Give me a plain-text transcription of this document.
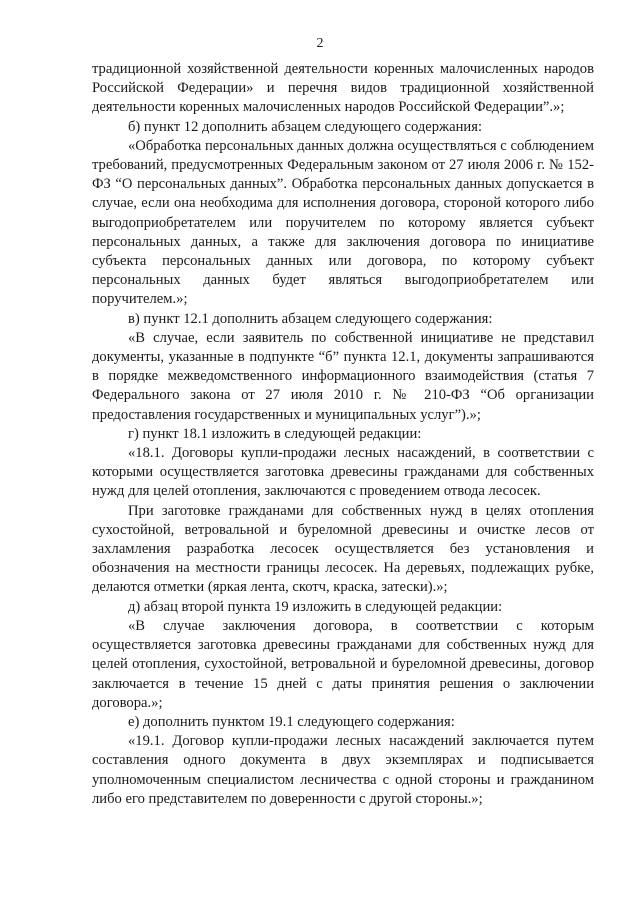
2

традиционной хозяйственной деятельности коренных малочисленных народов Российской Федерации» и перечня видов традиционной хозяйственной деятельности коренных малочисленных народов Российской Федерации”.»;

б) пункт 12 дополнить абзацем следующего содержания:

«Обработка персональных данных должна осуществляться с соблюдением требований, предусмотренных Федеральным законом от 27 июля 2006 г. № 152-ФЗ “О персональных данных”. Обработка персональных данных допускается в случае, если она необходима для исполнения договора, стороной которого либо выгодоприобретателем или поручителем по которому является субъект персональных данных, а также для заключения договора по инициативе субъекта персональных данных или договора, по которому субъект персональных данных будет являться выгодоприобретателем или поручителем.»;

в) пункт 12.1 дополнить абзацем следующего содержания:

«В случае, если заявитель по собственной инициативе не представил документы, указанные в подпункте “б” пункта 12.1, документы запрашиваются в порядке межведомственного информационного взаимодействия (статья 7 Федерального закона от 27 июля 2010 г. № 210-ФЗ “Об организации предоставления государственных и муниципальных услуг”).»;

г) пункт 18.1 изложить в следующей редакции:

«18.1. Договоры купли-продажи лесных насаждений, в соответствии с которыми осуществляется заготовка древесины гражданами для собственных нужд для целей отопления, заключаются с проведением отвода лесосек.

При заготовке гражданами для собственных нужд в целях отопления сухостойной, ветровальной и буреломной древесины и очистке лесов от захламления разработка лесосек осуществляется без установления и обозначения на местности границы лесосек. На деревьях, подлежащих рубке, делаются отметки (яркая лента, скотч, краска, затески).»;

д) абзац второй пункта 19 изложить в следующей редакции:

«В случае заключения договора, в соответствии с которым осуществляется заготовка древесины гражданами для собственных нужд для целей отопления, сухостойной, ветровальной и буреломной древесины, договор заключается в течение 15 дней с даты принятия решения о заключении договора.»;

е) дополнить пунктом 19.1 следующего содержания:

«19.1. Договор купли-продажи лесных насаждений заключается путем составления одного документа в двух экземплярах и подписывается уполномоченным специалистом лесничества с одной стороны и гражданином либо его представителем по доверенности с другой стороны.»;
